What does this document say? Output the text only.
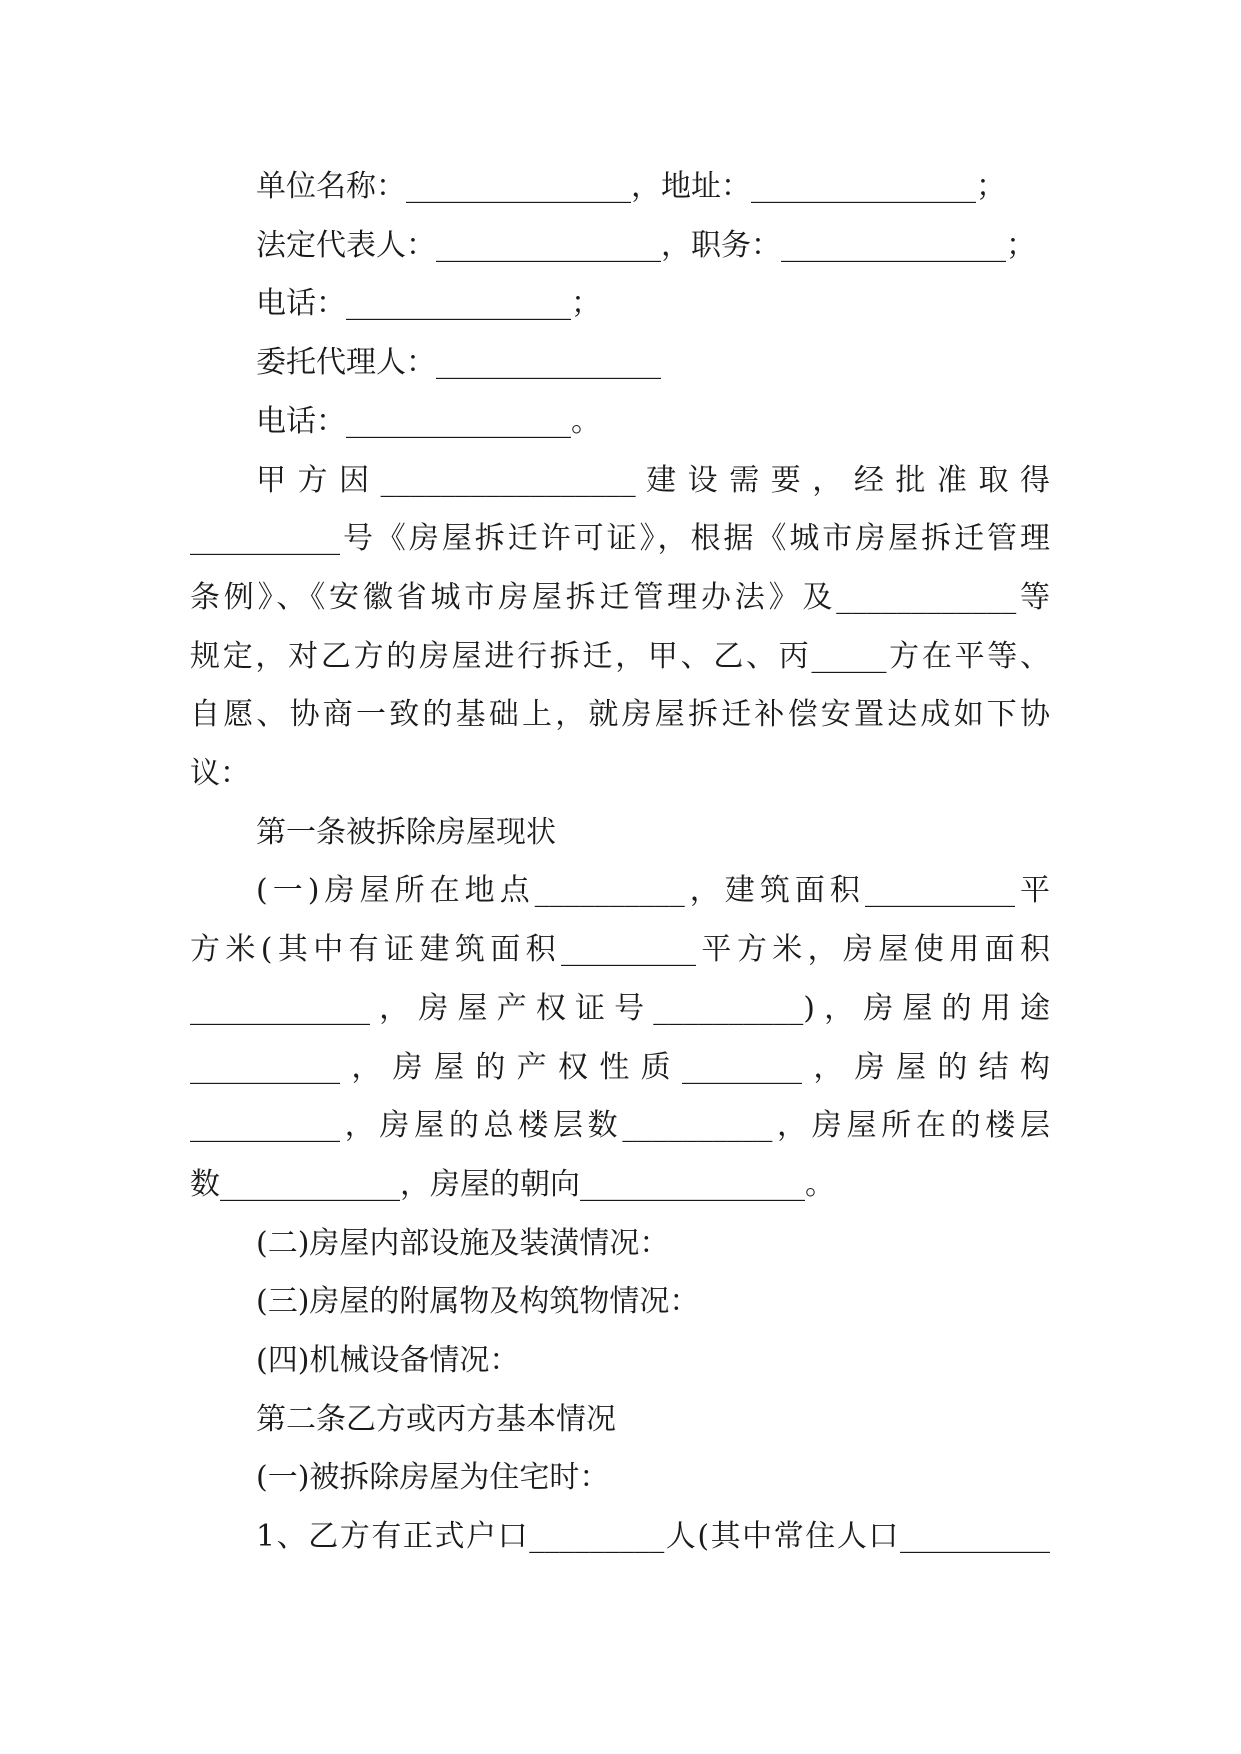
单位名称：_______________，地址：_______________；
法定代表人：_______________，职务：_______________；
电话：_______________；
委托代理人：_______________
电话：_______________。
甲 方 因 _________________ 建 设 需 要 ， 经 批 准 取 得
__________号《房屋拆迁许可证》，根据《城市房屋拆迁管理
条例》、《安徽省城市房屋拆迁管理办法》及____________等
规定，对乙方的房屋进行拆迁，甲、乙、丙_____方在平等、
自愿、协商一致的基础上，就房屋拆迁补偿安置达成如下协
议：
第一条被拆除房屋现状
(一)房屋所在地点__________，建筑面积__________平
方米(其中有证建筑面积_________平方米，房屋使用面积
____________，房屋产权证号__________)，房屋的用途
__________，房屋的产权性质________，房屋的结构
__________，房屋的总楼层数__________，房屋所在的楼层
数____________，房屋的朝向_______________。
(二)房屋内部设施及装潢情况：
(三)房屋的附属物及构筑物情况：
(四)机械设备情况：
第二条乙方或丙方基本情况
(一)被拆除房屋为住宅时：
1、乙方有正式户口_________人(其中常住人口__________
